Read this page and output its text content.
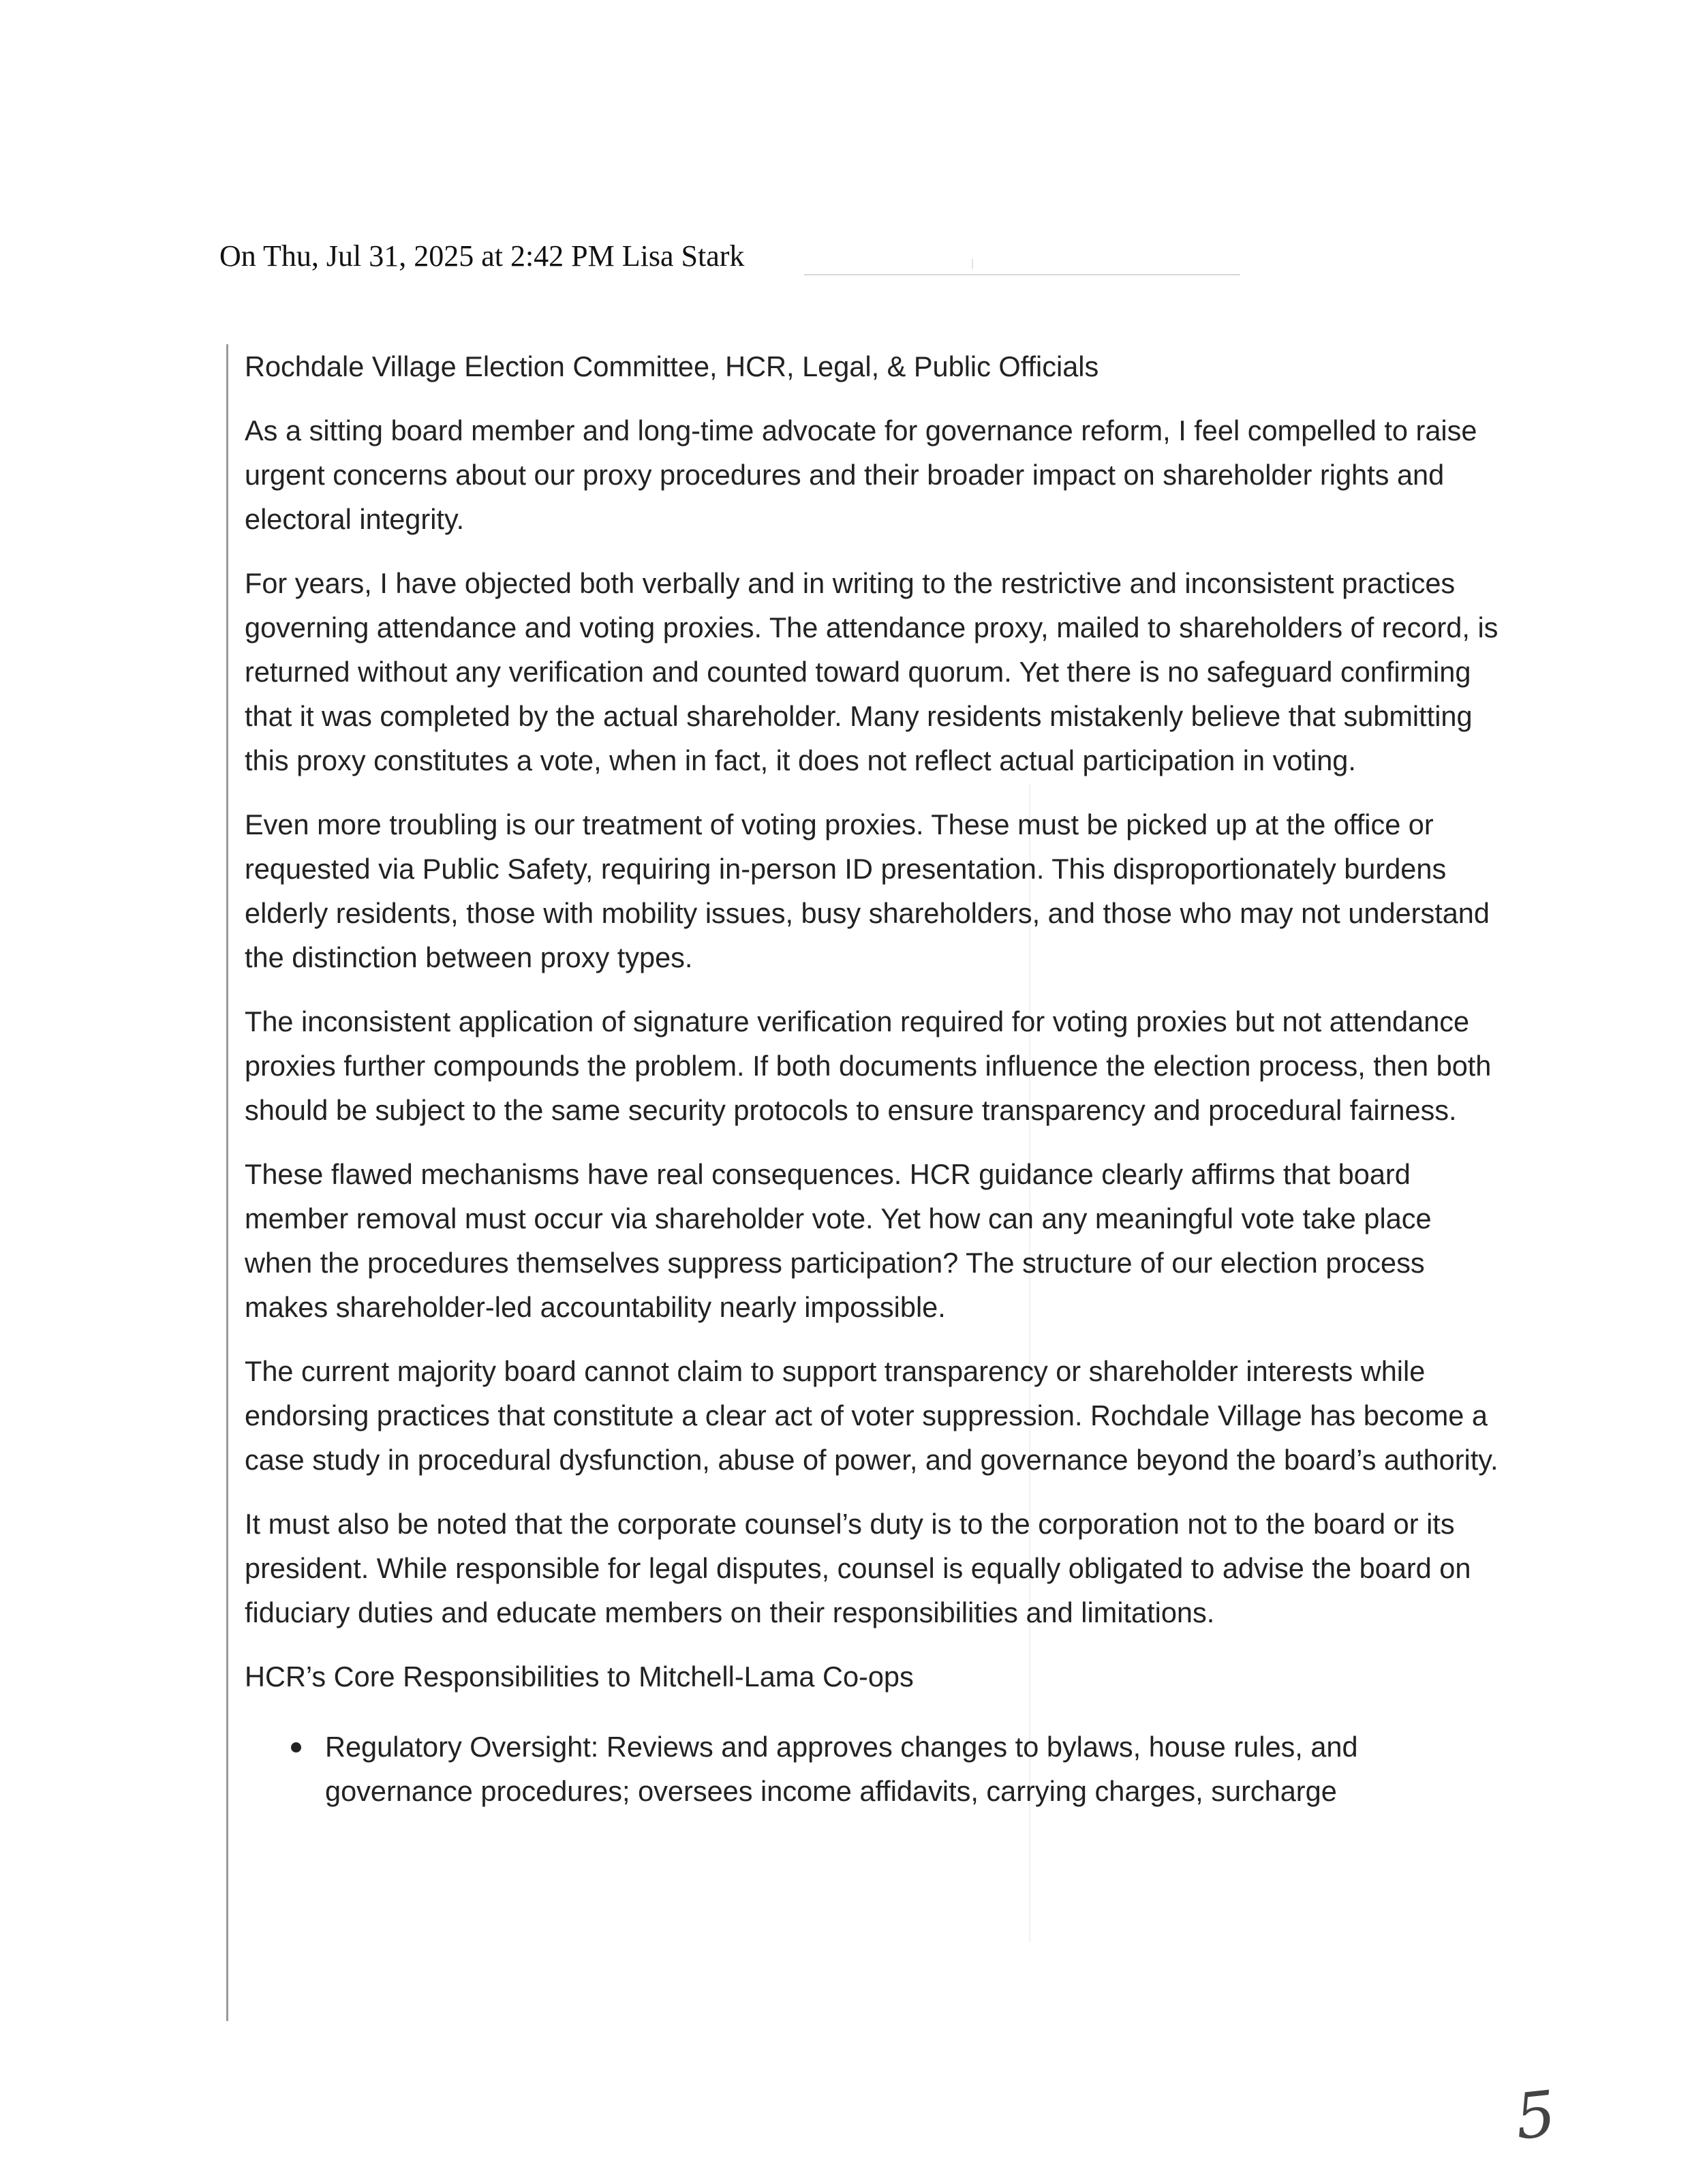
On Thu, Jul 31, 2025 at 2:42 PM Lisa Stark

Rochdale Village Election Committee, HCR, Legal, & Public Officials

As a sitting board member and long-time advocate for governance reform, I feel compelled to raise urgent concerns about our proxy procedures and their broader impact on shareholder rights and electoral integrity.

For years, I have objected both verbally and in writing to the restrictive and inconsistent practices governing attendance and voting proxies. The attendance proxy, mailed to shareholders of record, is returned without any verification and counted toward quorum. Yet there is no safeguard confirming that it was completed by the actual shareholder. Many residents mistakenly believe that submitting this proxy constitutes a vote, when in fact, it does not reflect actual participation in voting.

Even more troubling is our treatment of voting proxies. These must be picked up at the office or requested via Public Safety, requiring in-person ID presentation. This disproportionately burdens elderly residents, those with mobility issues, busy shareholders, and those who may not understand the distinction between proxy types.

The inconsistent application of signature verification required for voting proxies but not attendance proxies further compounds the problem. If both documents influence the election process, then both should be subject to the same security protocols to ensure transparency and procedural fairness.

These flawed mechanisms have real consequences. HCR guidance clearly affirms that board member removal must occur via shareholder vote. Yet how can any meaningful vote take place when the procedures themselves suppress participation? The structure of our election process makes shareholder-led accountability nearly impossible.

The current majority board cannot claim to support transparency or shareholder interests while endorsing practices that constitute a clear act of voter suppression. Rochdale Village has become a case study in procedural dysfunction, abuse of power, and governance beyond the board’s authority.

It must also be noted that the corporate counsel’s duty is to the corporation not to the board or its president. While responsible for legal disputes, counsel is equally obligated to advise the board on fiduciary duties and educate members on their responsibilities and limitations.

HCR’s Core Responsibilities to Mitchell-Lama Co-ops

Regulatory Oversight: Reviews and approves changes to bylaws, house rules, and governance procedures; oversees income affidavits, carrying charges, surcharge
5
